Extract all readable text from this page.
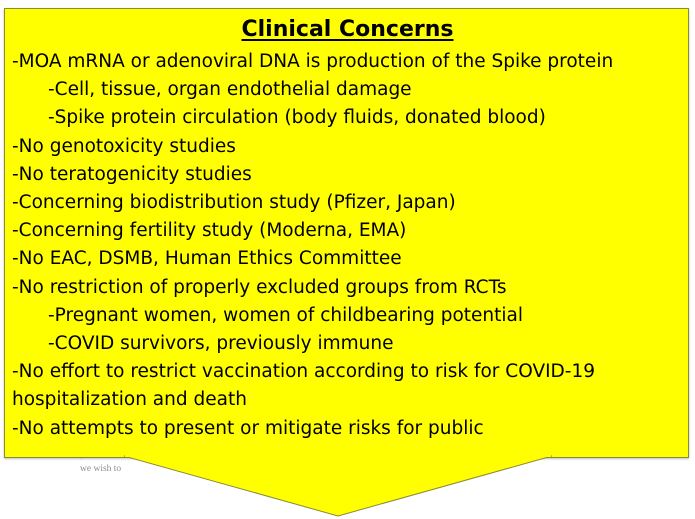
we wish to
Clinical Concerns
-MOA mRNA or adenoviral DNA is production of the Spike protein
-Cell, tissue, organ endothelial damage
-Spike protein circulation (body fluids, donated blood)
-No genotoxicity studies
-No teratogenicity studies
-Concerning biodistribution study (Pfizer, Japan)
-Concerning fertility study (Moderna, EMA)
-No EAC, DSMB, Human Ethics Committee
-No restriction of properly excluded groups from RCTs
-Pregnant women, women of childbearing potential
-COVID survivors, previously immune
-No effort to restrict vaccination according to risk for COVID-19 hospitalization and death
-No attempts to present or mitigate risks for public
